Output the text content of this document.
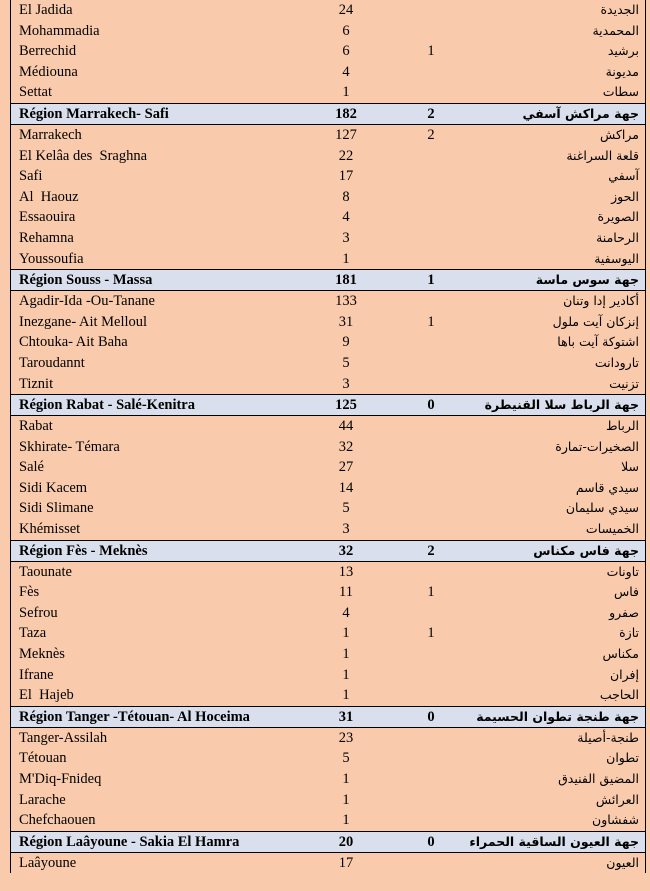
El Jadida	24	الجديدة
Mohammadia	6	المحمدية
Berrechid	6	1	برشيد
Médiouna	4	مديونة
Settat	1	سطات
Région Marrakech- Safi	182	2	جهة مراكش آسفي
Marrakech	127	2	مراكش
El Kelâa des  Sraghna	22	قلعة السراغنة
Safi	17	آسفي
Al  Haouz	8	الحوز
Essaouira	4	الصويرة
Rehamna	3	الرحامنة
Youssoufia	1	اليوسفية
Région Souss - Massa	181	1	جهة سوس ماسة
Agadir-Ida -Ou-Tanane	133	أكادير إدا وتنان
Inezgane- Ait Melloul	31	1	إنزكان آيت ملول
Chtouka- Ait Baha	9	اشتوكة آيت باها
Taroudannt	5	تارودانت
Tiznit	3	تزنيت
Région Rabat - Salé-Kenitra	125	0	جهة الرباط سلا القنيطرة
Rabat	44	الرباط
Skhirate- Témara	32	الصخيرات-تمارة
Salé	27	سلا
Sidi Kacem	14	سيدي قاسم
Sidi Slimane	5	سيدي سليمان
Khémisset	3	الخميسات
Région Fès - Meknès	32	2	جهة فاس مكناس
Taounate	13	تاونات
Fès	11	1	فاس
Sefrou	4	صفرو
Taza	1	1	تازة
Meknès	1	مكناس
Ifrane	1	إفران
El  Hajeb	1	الحاجب
Région Tanger -Tétouan- Al Hoceima	31	0	جهة طنجة تطوان الحسيمة
Tanger-Assilah	23	طنجة-أصيلة
Tétouan	5	تطوان
M'Diq-Fnideq	1	المضيق الفنيدق
Larache	1	العرائش
Chefchaouen	1	شفشاون
Région Laâyoune - Sakia El Hamra	20	0	جهة العيون الساقية الحمراء
Laâyoune	17	العيون
